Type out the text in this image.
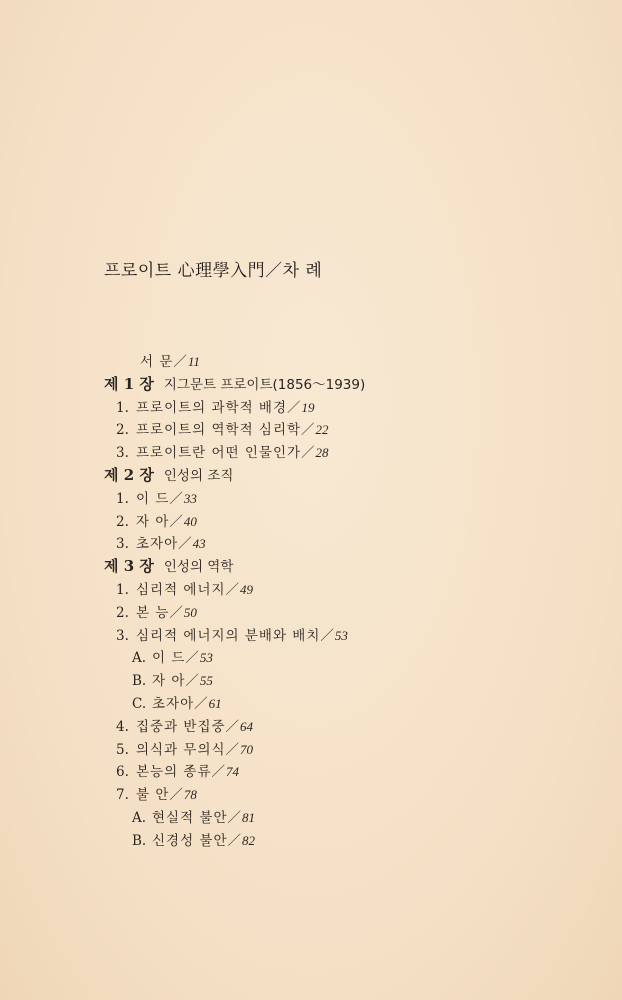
프로이트 心理學入門／차 례
서 문／11
제 1 장 지그문트 프로이트(1856～1939)
1. 프로이트의 과학적 배경／19
2. 프로이트의 역학적 심리학／22
3. 프로이트란 어떤 인물인가／28
제 2 장 인성의 조직
1. 이 드／33
2. 자 아／40
3. 초자아／43
제 3 장 인성의 역학
1. 심리적 에너지／49
2. 본 능／50
3. 심리적 에너지의 분배와 배치／53
A. 이 드／53
B. 자 아／55
C. 초자아／61
4. 집중과 반집중／64
5. 의식과 무의식／70
6. 본능의 종류／74
7. 불 안／78
A. 현실적 불안／81
B. 신경성 불안／82
